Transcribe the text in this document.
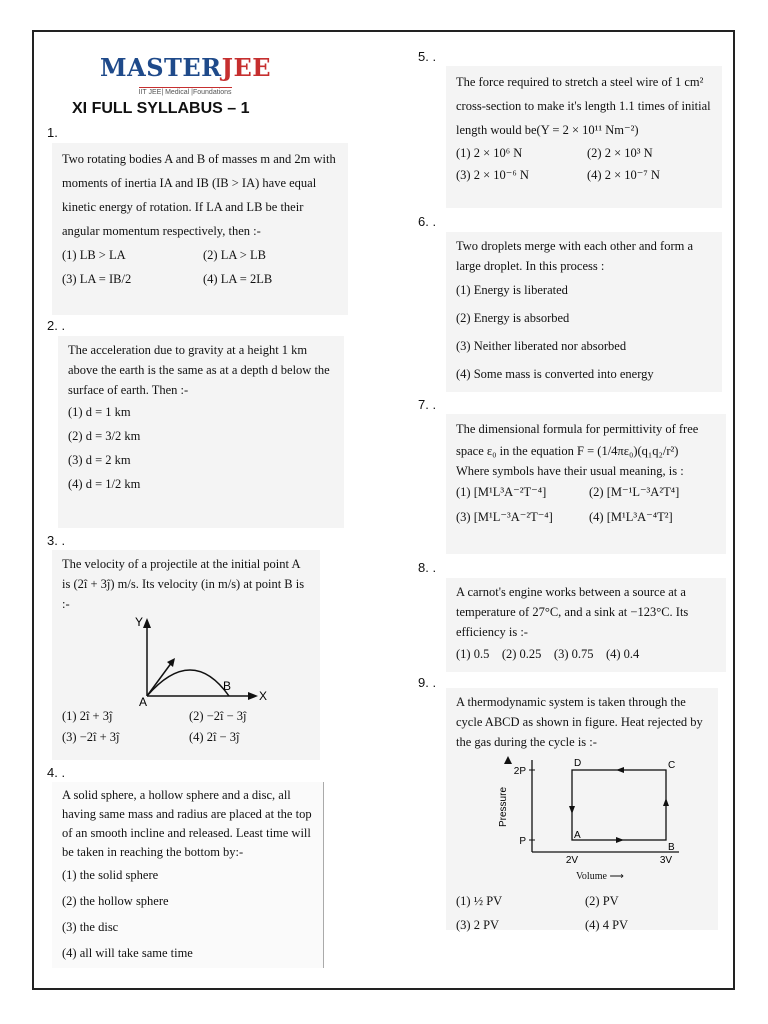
MASTERJEE
IIT JEE| Medical |Foundations
XI FULL SYLLABUS – 1
1.

Two rotating bodies A and B of masses m and 2m with moments of inertia IA and IB (IB > IA) have equal kinetic energy of rotation. If LA and LB be their angular momentum respectively, then :-

(1) LB > LA	(2) LA > LB
(3) LA = IB/2	(4) LA = 2LB
2. .

The acceleration due to gravity at a height 1 km above the earth is the same as at a depth d below the surface of earth. Then :-

(1) d = 1 km
(2) d = 3/2 km
(3) d = 2 km
(4) d = 1/2 km
3. .

The velocity of a projectile at the initial point A is (2î + 3ĵ) m/s. Its velocity (in m/s) at point B is :-

Y
X
A
B
(1) 2î + 3ĵ	(2) −2î − 3ĵ
(3) −2î + 3ĵ	(4) 2î − 3ĵ
4. .

A solid sphere, a hollow sphere and a disc, all having same mass and radius are placed at the top of an smooth incline and released. Least time will be taken in reaching the bottom by:-

(1) the solid sphere
(2) the hollow sphere
(3) the disc
(4) all will take same time
5. .

The force required to stretch a steel wire of 1 cm² cross-section to make it's length 1.1 times of initial length would be(Y = 2 × 10¹¹ Nm⁻²)

(1) 2 × 10⁶ N	(2) 2 × 10³ N
(3) 2 × 10⁻⁶ N	(4) 2 × 10⁻⁷ N
6. .

Two droplets merge with each other and form a large droplet. In this process :

(1) Energy is liberated
(2) Energy is absorbed
(3) Neither liberated nor absorbed
(4) Some mass is converted into energy
7. .

The dimensional formula for permittivity of free space ε₀ in the equation F = (1/4πε₀)(q₁q₂/r²)

Where symbols have their usual meaning, is :

(1) [M¹L³A⁻²T⁻⁴]	(2) [M⁻¹L⁻³A²T⁴]
(3) [M¹L⁻³A⁻²T⁻⁴]	(4) [M¹L³A⁻⁴T²]
8. .

A carnot's engine works between a source at a temperature of 27°C, and a sink at −123°C. Its efficiency is :-

(1) 0.5 (2) 0.25 (3) 0.75 (4) 0.4
9. .

A thermodynamic system is taken through the cycle ABCD as shown in figure. Heat rejected by the gas during the cycle is :-

2P
P
2V	3V
A
B
C
D
Pressure
Volume ⟶
(1) ½ PV	(2) PV
(3) 2 PV	(4) 4 PV
